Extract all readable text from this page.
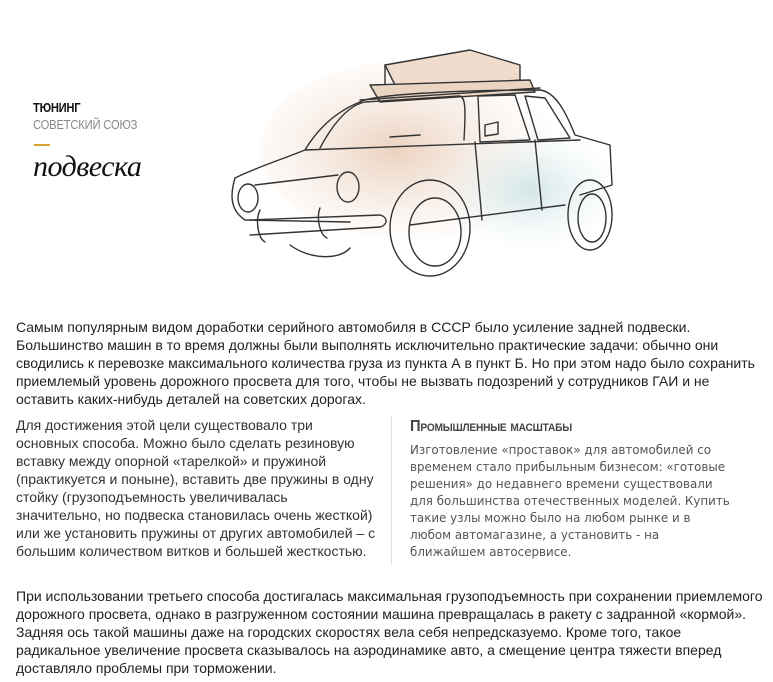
ТЮНИНГ
СОВЕТСКИЙ СОЮЗ
подвеска

Самым популярным видом доработки серийного автомобиля в СССР было усиление задней подвески. Большинство машин в то время должны были выполнять исключительно практические задачи: обычно они сводились к перевозке максимального количества груза из пункта А в пункт Б. Но при этом надо было сохранить приемлемый уровень дорожного просвета для того, чтобы не вызвать подозрений у сотрудников ГАИ и не оставить каких-нибудь деталей на советских дорогах.

Для достижения этой цели существовало три основных способа. Можно было сделать резиновую вставку между опорной «тарелкой» и пружиной (практикуется и поныне), вставить две пружины в одну стойку (грузоподъемность увеличивалась значительно, но подвеска становилась очень жесткой) или же установить пружины от других автомобилей – с большим количеством витков и большей жесткостью.

Промышленные масштабы

Изготовление «проставок» для автомобилей со временем стало прибыльным бизнесом: «готовые решения» до недавнего времени существовали для большинства отечественных моделей. Купить такие узлы можно было на любом рынке и в любом автомагазине, а установить - на ближайшем автосервисе.

При использовании третьего способа достигалась максимальная грузоподъемность при сохранении приемлемого дорожного просвета, однако в разгруженном состоянии машина превращалась в ракету с задранной «кормой». Задняя ось такой машины даже на городских скоростях вела себя непредсказуемо. Кроме того, такое радикальное увеличение просвета сказывалось на аэродинамике авто, а смещение центра тяжести вперед доставляло проблемы при торможении.
